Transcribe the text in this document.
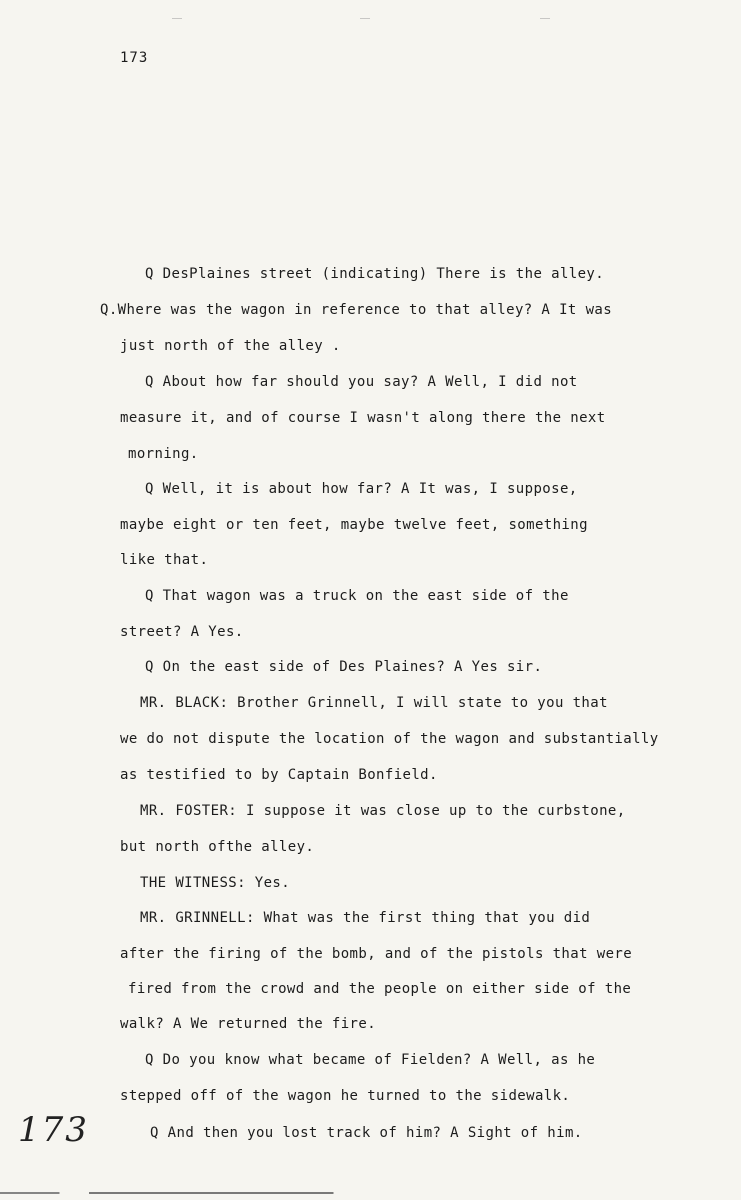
173
Q DesPlaines street (indicating) There is the alley.
Q.Where was the wagon in reference to that alley? A It was
just north of the alley .
Q About how far should you say? A Well, I did not
measure it, and of course I wasn't along there the next
morning.
Q Well, it is about how far? A It was, I suppose,
maybe eight or ten feet, maybe twelve feet, something
like that.
Q That wagon was a truck on the east side of the
street? A Yes.
Q On the east side of Des Plaines? A Yes sir.
MR. BLACK: Brother Grinnell, I will state to you that
we do not dispute the location of the wagon and substantially
as testified to by Captain Bonfield.
MR. FOSTER: I suppose it was close up to the curbstone,
but north ofthe alley.
THE WITNESS: Yes.
MR. GRINNELL: What was the first thing that you did
after the firing of the bomb, and of the pistols that were
fired from the crowd and the people on either side of the
walk? A We returned the fire.
Q Do you know what became of Fielden? A Well, as he
stepped off of the wagon he turned to the sidewalk.
Q And then you lost track of him? A Sight of him.
173
